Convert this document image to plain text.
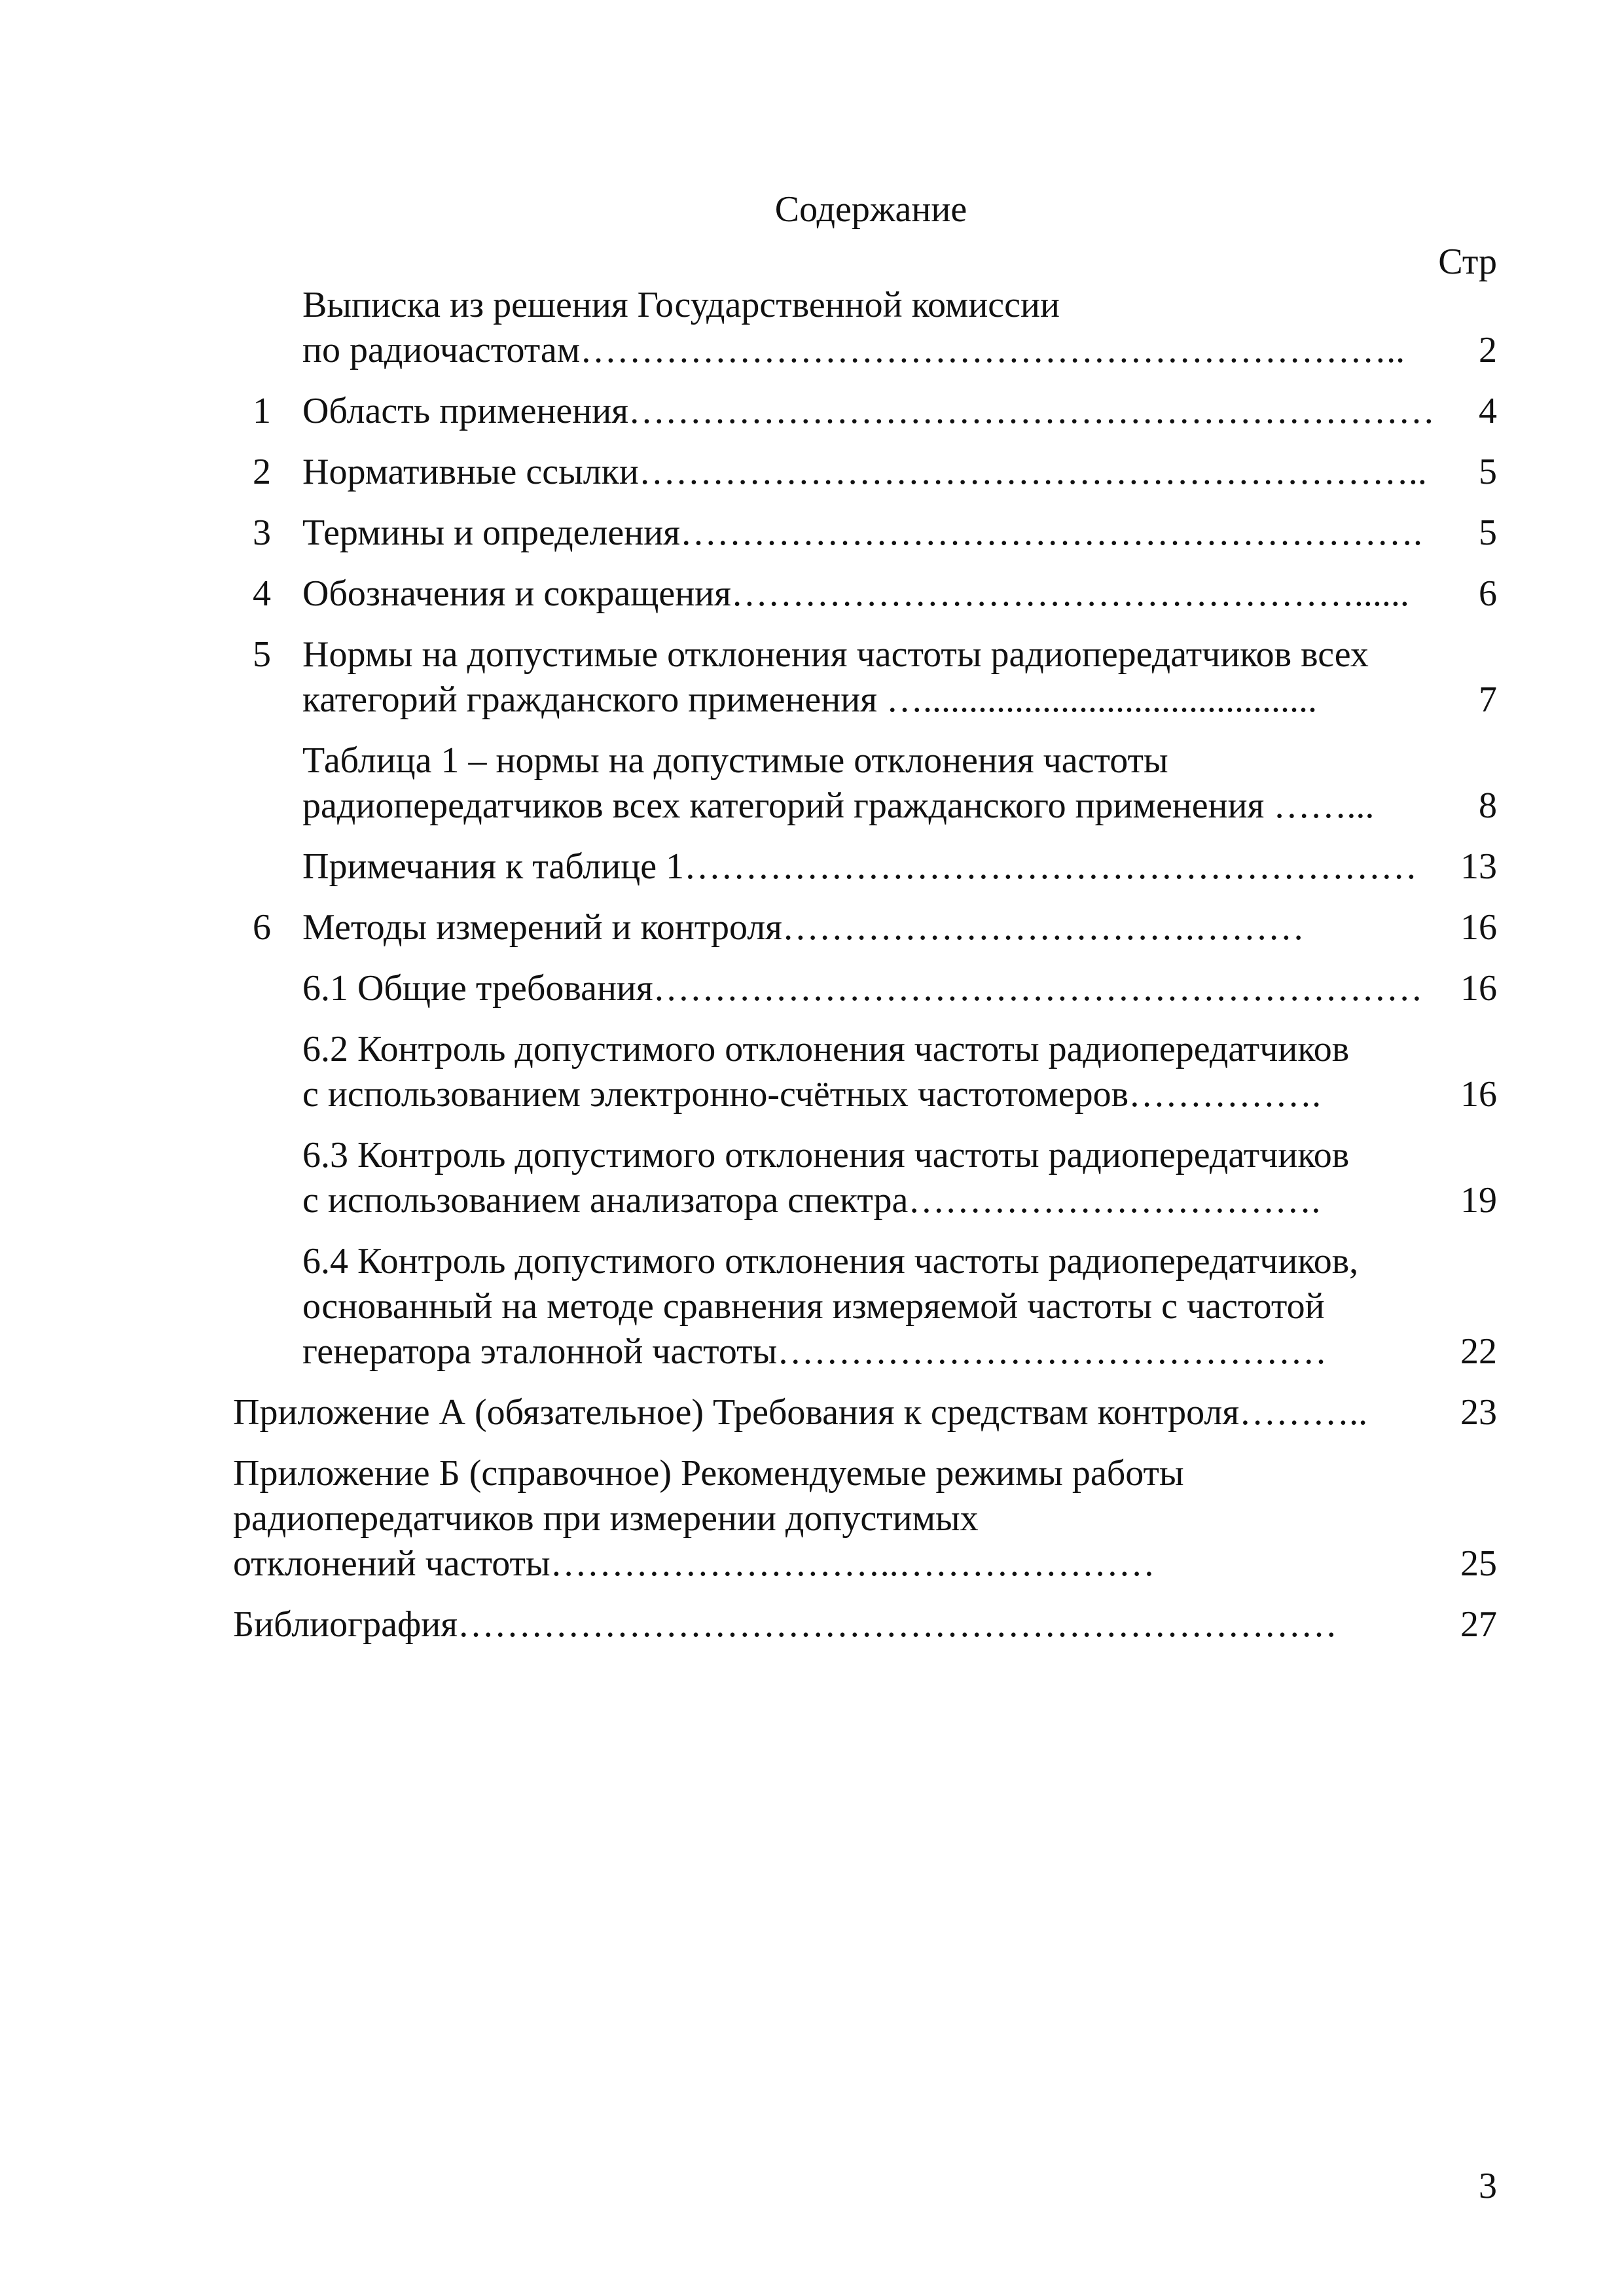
Содержание
Стр
Выписка из решения Государственной комиссии
по радиочастотам………………………………………………………….. 2
1 Область применения………………………………………………………… 4
2 Нормативные ссылки……………………………………………………….. 5
3 Термины и определения……………………………………………………. 5
4 Обозначения и сокращения……………………………………………...... 6
5 Нормы на допустимые отклонения частоты радиопередатчиков всех
категорий гражданского применения …...........................................	7
Таблица 1 – нормы на допустимые отклонения частоты
радиопередатчиков всех категорий гражданского применения ……...	8
Примечания к таблице 1…………………………………………………… 13
6 Методы измерений и контроля…………………………….………	16
6.1 Общие требования……………………………………………………… 16
6.2 Контроль допустимого отклонения частоты радиопередатчиков
с использованием электронно-счётных частотомеров…………….	16
6.3 Контроль допустимого отклонения частоты радиопередатчиков
с использованием анализатора спектра…………………………….	19
6.4 Контроль допустимого отклонения частоты радиопередатчиков,
основанный на методе сравнения измеряемой частоты с частотой
генератора эталонной частоты………………………………………	22
Приложение А (обязательное) Требования к средствам контроля………..	23
Приложение Б (справочное) Рекомендуемые режимы работы
радиопередатчиков при измерении допустимых
отклонений частоты………………………..…………………	25
Библиография………………………………………………………………	27
3
